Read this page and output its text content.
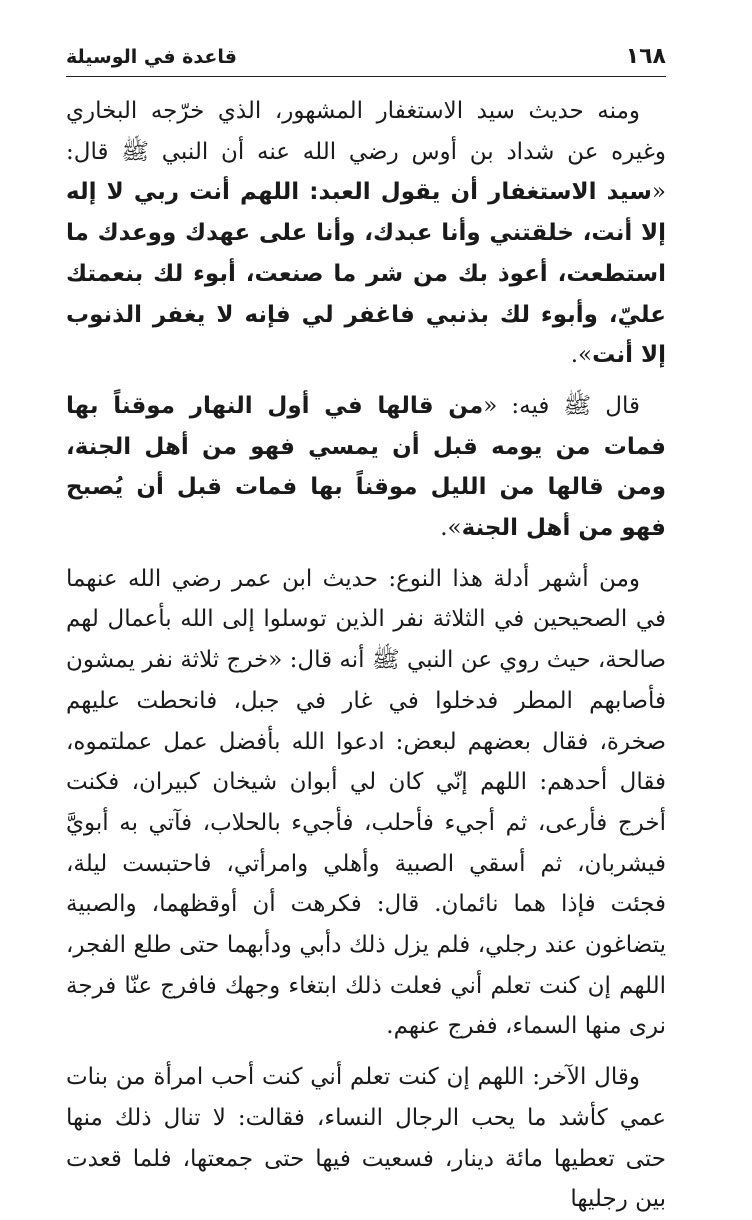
١٦٨
قاعدة في الوسيلة

ومنه حديث سيد الاستغفار المشهور، الذي خرّجه البخاري وغيره عن شداد بن أوس رضي الله عنه أن النبي ﷺ قال: «سيد الاستغفار أن يقول العبد: اللهم أنت ربي لا إله إلا أنت، خلقتني وأنا عبدك، وأنا على عهدك ووعدك ما استطعت، أعوذ بك من شر ما صنعت، أبوء لك بنعمتك عليّ، وأبوء لك بذنبي فاغفر لي فإنه لا يغفر الذنوب إلا أنت».

قال ﷺ فيه: «من قالها في أول النهار موقناً بها فمات من يومه قبل أن يمسي فهو من أهل الجنة، ومن قالها من الليل موقناً بها فمات قبل أن يُصبح فهو من أهل الجنة».

ومن أشهر أدلة هذا النوع: حديث ابن عمر رضي الله عنهما في الصحيحين في الثلاثة نفر الذين توسلوا إلى الله بأعمال لهم صالحة، حيث روي عن النبي ﷺ أنه قال: «خرج ثلاثة نفر يمشون فأصابهم المطر فدخلوا في غار في جبل، فانحطت عليهم صخرة، فقال بعضهم لبعض: ادعوا الله بأفضل عمل عملتموه، فقال أحدهم: اللهم إنّي كان لي أبوان شيخان كبيران، فكنت أخرج فأرعى، ثم أجيء فأحلب، فأجيء بالحلاب، فآتي به أبويَّ فيشربان، ثم أسقي الصبية وأهلي وامرأتي، فاحتبست ليلة، فجئت فإذا هما نائمان. قال: فكرهت أن أوقظهما، والصبية يتضاغون عند رجلي، فلم يزل ذلك دأبي ودأبهما حتى طلع الفجر، اللهم إن كنت تعلم أني فعلت ذلك ابتغاء وجهك فافرج عنّا فرجة نرى منها السماء، ففرج عنهم.

وقال الآخر: اللهم إن كنت تعلم أني كنت أحب امرأة من بنات عمي كأشد ما يحب الرجال النساء، فقالت: لا تنال ذلك منها حتى تعطيها مائة دينار، فسعيت فيها حتى جمعتها، فلما قعدت بين رجليها
